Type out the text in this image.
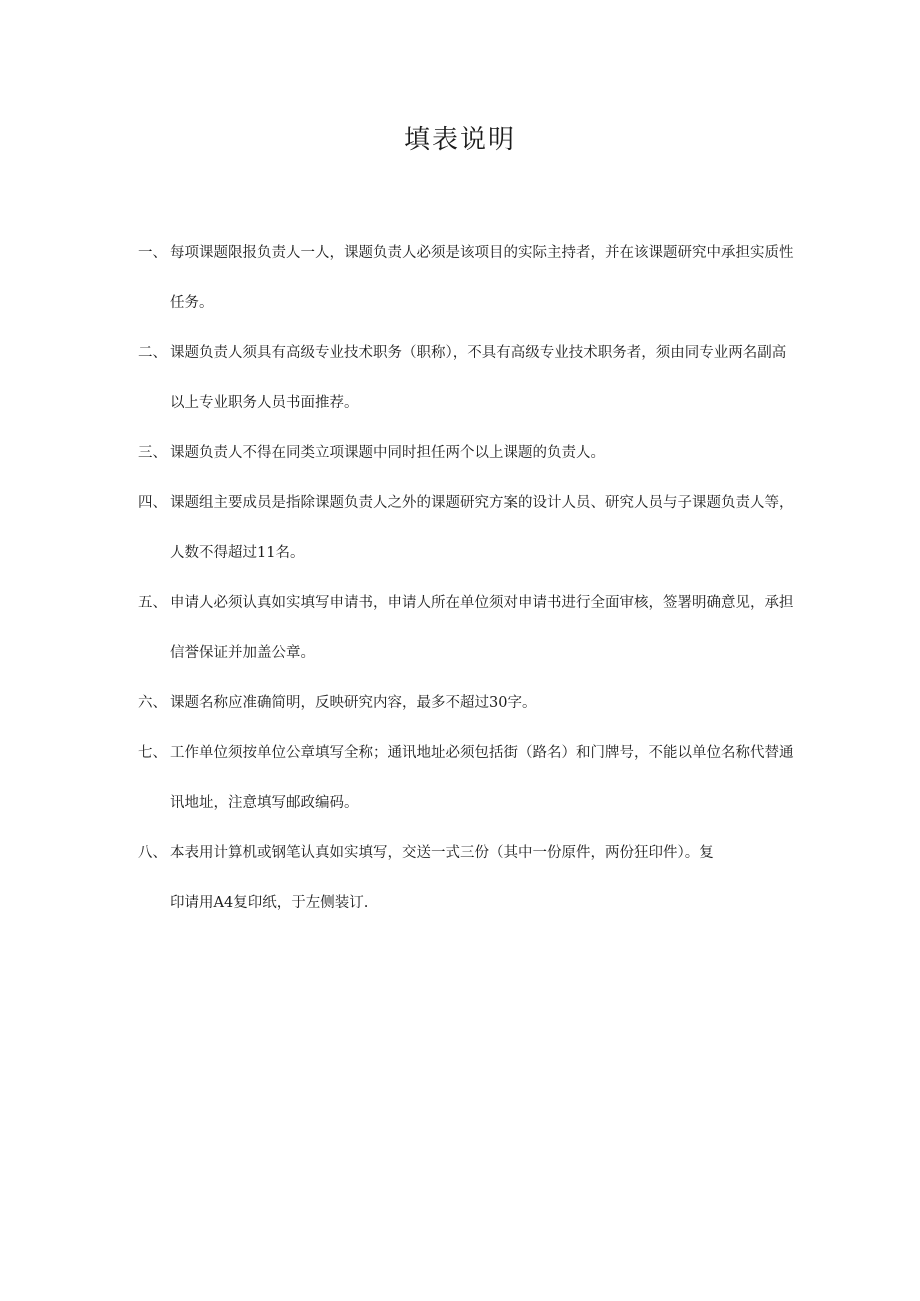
填表说明
一、 每项课题限报负责人一人，课题负责人必须是该项目的实际主持者，并在该课题研究中承担实质性
任务。
二、 课题负责人须具有高级专业技术职务（职称），不具有高级专业技术职务者，须由同专业两名副高
以上专业职务人员书面推荐。
三、 课题负责人不得在同类立项课题中同时担任两个以上课题的负责人。
四、 课题组主要成员是指除课题负责人之外的课题研究方案的设计人员、研究人员与子课题负责人等，
人数不得超过11名。
五、 申请人必须认真如实填写申请书，申请人所在单位须对申请书进行全面审核，签署明确意见，承担
信誉保证并加盖公章。
六、 课题名称应准确简明，反映研究内容，最多不超过30字。
七、 工作单位须按单位公章填写全称；通讯地址必须包括街（路名）和门牌号，不能以单位名称代替通
讯地址，注意填写邮政编码。
八、 本表用计算机或钢笔认真如实填写，交送一式三份（其中一份原件，两份狂印件）。复
印请用A4复印纸，于左侧装订.
